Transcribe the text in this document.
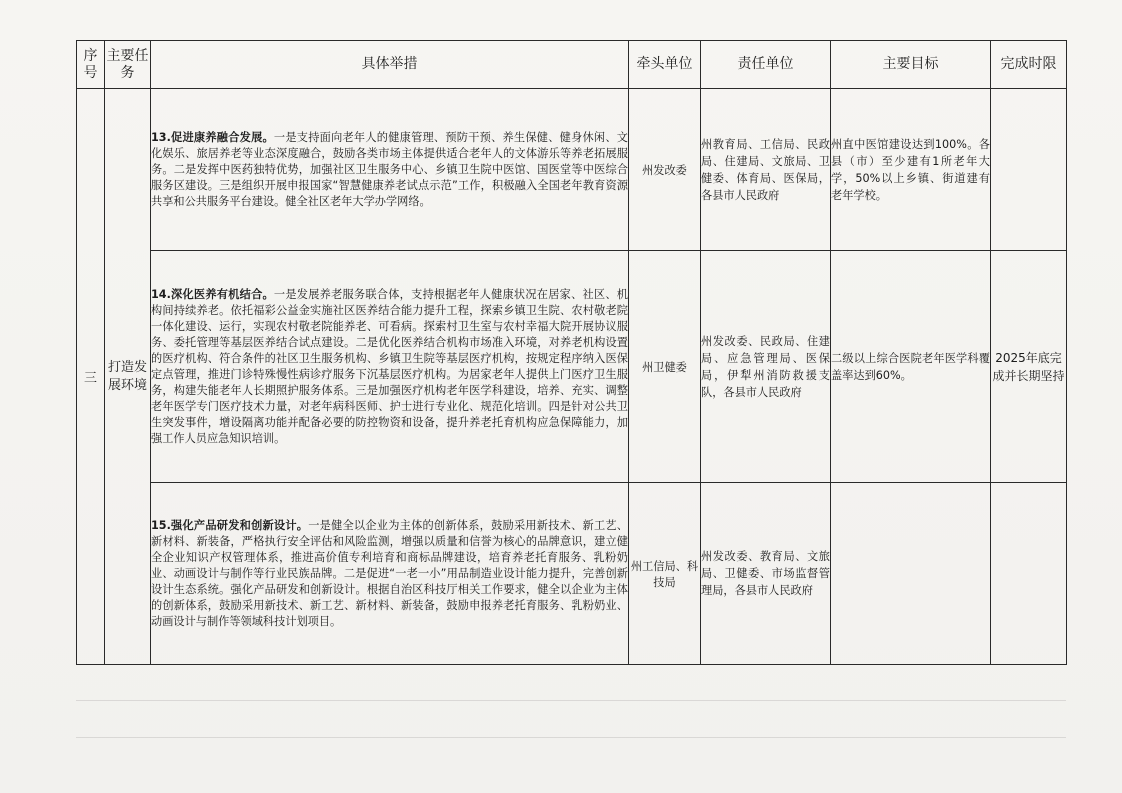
序号	主要任务	具体举措	牵头单位	责任单位	主要目标	完成时限
三	打造发展环境	13.促进康养融合发展。一是支持面向老年人的健康管理、预防干预、养生保健、健身休闲、文化娱乐、旅居养老等业态深度融合，鼓励各类市场主体提供适合老年人的文体游乐等养老拓展服务。二是发挥中医药独特优势，加强社区卫生服务中心、乡镇卫生院中医馆、国医堂等中医综合服务区建设。三是组织开展申报国家“智慧健康养老试点示范”工作，积极融入全国老年教育资源共享和公共服务平台建设。健全社区老年大学办学网络。	州发改委	州教育局、工信局、民政局、住建局、文旅局、卫健委、体育局、医保局，各县市人民政府	州直中医馆建设达到100%。各县（市）至少建有1所老年大学，50%以上乡镇、街道建有老年学校。	
		14.深化医养有机结合。一是发展养老服务联合体，支持根据老年人健康状况在居家、社区、机构间持续养老。依托福彩公益金实施社区医养结合能力提升工程，探索乡镇卫生院、农村敬老院一体化建设、运行，实现农村敬老院能养老、可看病。探索村卫生室与农村幸福大院开展协议服务、委托管理等基层医养结合试点建设。二是优化医养结合机构市场准入环境，对养老机构设置的医疗机构、符合条件的社区卫生服务机构、乡镇卫生院等基层医疗机构，按规定程序纳入医保定点管理，推进门诊特殊慢性病诊疗服务下沉基层医疗机构。为居家老年人提供上门医疗卫生服务，构建失能老年人长期照护服务体系。三是加强医疗机构老年医学科建设，培养、充实、调整老年医学专门医疗技术力量，对老年病科医师、护士进行专业化、规范化培训。四是针对公共卫生突发事件，增设隔离功能并配备必要的防控物资和设备，提升养老托育机构应急保障能力，加强工作人员应急知识培训。	州卫健委	州发改委、民政局、住建局、应急管理局、医保局，伊犁州消防救援支队，各县市人民政府	二级以上综合医院老年医学科覆盖率达到60%。	2025年底完成并长期坚持
		15.强化产品研发和创新设计。一是健全以企业为主体的创新体系，鼓励采用新技术、新工艺、新材料、新装备，严格执行安全评估和风险监测，增强以质量和信誉为核心的品牌意识，建立健全企业知识产权管理体系，推进高价值专利培育和商标品牌建设，培育养老托育服务、乳粉奶业、动画设计与制作等行业民族品牌。二是促进“一老一小”用品制造业设计能力提升，完善创新设计生态系统。强化产品研发和创新设计。根据自治区科技厅相关工作要求，健全以企业为主体的创新体系，鼓励采用新技术、新工艺、新材料、新装备，鼓励申报养老托育服务、乳粉奶业、动画设计与制作等领域科技计划项目。	州工信局、科技局	州发改委、教育局、文旅局、卫健委、市场监督管理局，各县市人民政府		
